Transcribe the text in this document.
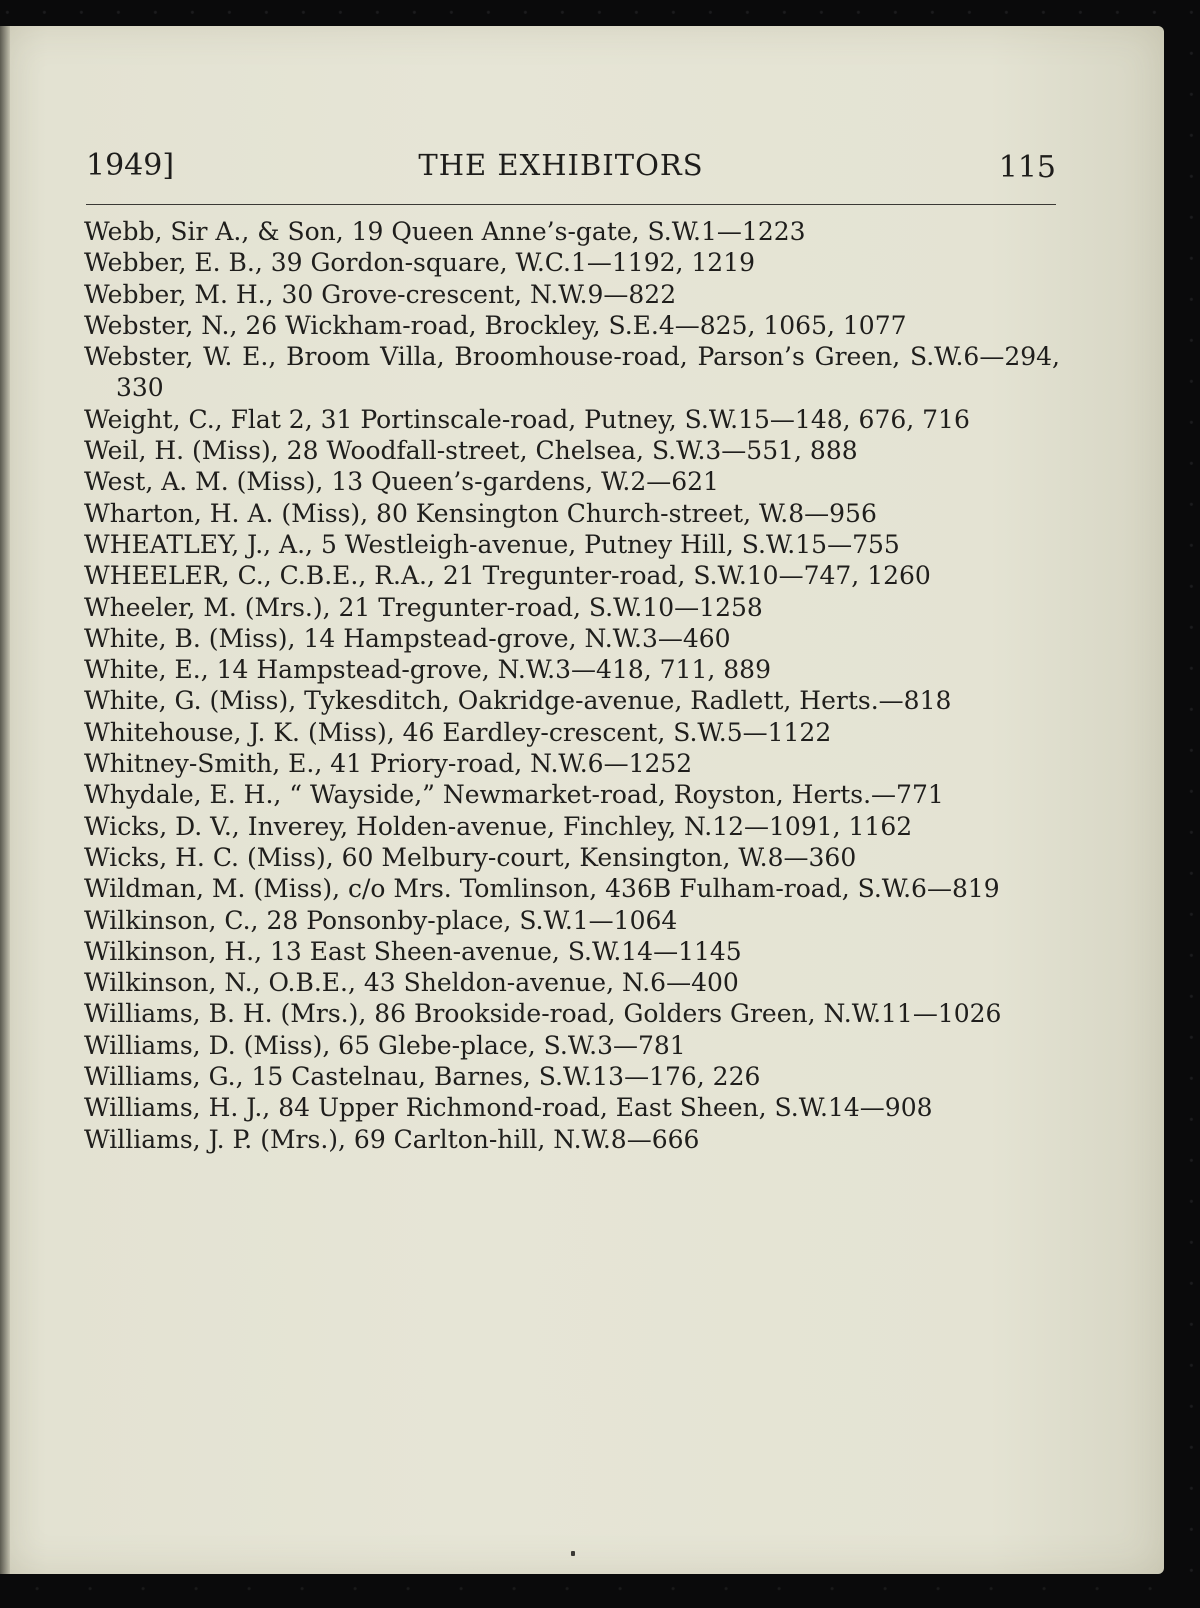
1949]	THE EXHIBITORS	115
Webb, Sir A., & Son, 19 Queen Anne’s-gate, S.W.1—1223
Webber, E. B., 39 Gordon-square, W.C.1—1192, 1219
Webber, M. H., 30 Grove-crescent, N.W.9—822
Webster, N., 26 Wickham-road, Brockley, S.E.4—825, 1065, 1077
Webster, W. E., Broom Villa, Broomhouse-road, Parson’s Green, S.W.6—294, 330
Weight, C., Flat 2, 31 Portinscale-road, Putney, S.W.15—148, 676, 716
Weil, H. (Miss), 28 Woodfall-street, Chelsea, S.W.3—551, 888
West, A. M. (Miss), 13 Queen’s-gardens, W.2—621
Wharton, H. A. (Miss), 80 Kensington Church-street, W.8—956
WHEATLEY, J., A., 5 Westleigh-avenue, Putney Hill, S.W.15—755
WHEELER, C., C.B.E., R.A., 21 Tregunter-road, S.W.10—747, 1260
Wheeler, M. (Mrs.), 21 Tregunter-road, S.W.10—1258
White, B. (Miss), 14 Hampstead-grove, N.W.3—460
White, E., 14 Hampstead-grove, N.W.3—418, 711, 889
White, G. (Miss), Tykesditch, Oakridge-avenue, Radlett, Herts.—818
Whitehouse, J. K. (Miss), 46 Eardley-crescent, S.W.5—1122
Whitney-Smith, E., 41 Priory-road, N.W.6—1252
Whydale, E. H., “ Wayside,” Newmarket-road, Royston, Herts.—771
Wicks, D. V., Inverey, Holden-avenue, Finchley, N.12—1091, 1162
Wicks, H. C. (Miss), 60 Melbury-court, Kensington, W.8—360
Wildman, M. (Miss), c/o Mrs. Tomlinson, 436B Fulham-road, S.W.6—819
Wilkinson, C., 28 Ponsonby-place, S.W.1—1064
Wilkinson, H., 13 East Sheen-avenue, S.W.14—1145
Wilkinson, N., O.B.E., 43 Sheldon-avenue, N.6—400
Williams, B. H. (Mrs.), 86 Brookside-road, Golders Green, N.W.11—1026
Williams, D. (Miss), 65 Glebe-place, S.W.3—781
Williams, G., 15 Castelnau, Barnes, S.W.13—176, 226
Williams, H. J., 84 Upper Richmond-road, East Sheen, S.W.14—908
Williams, J. P. (Mrs.), 69 Carlton-hill, N.W.8—666
